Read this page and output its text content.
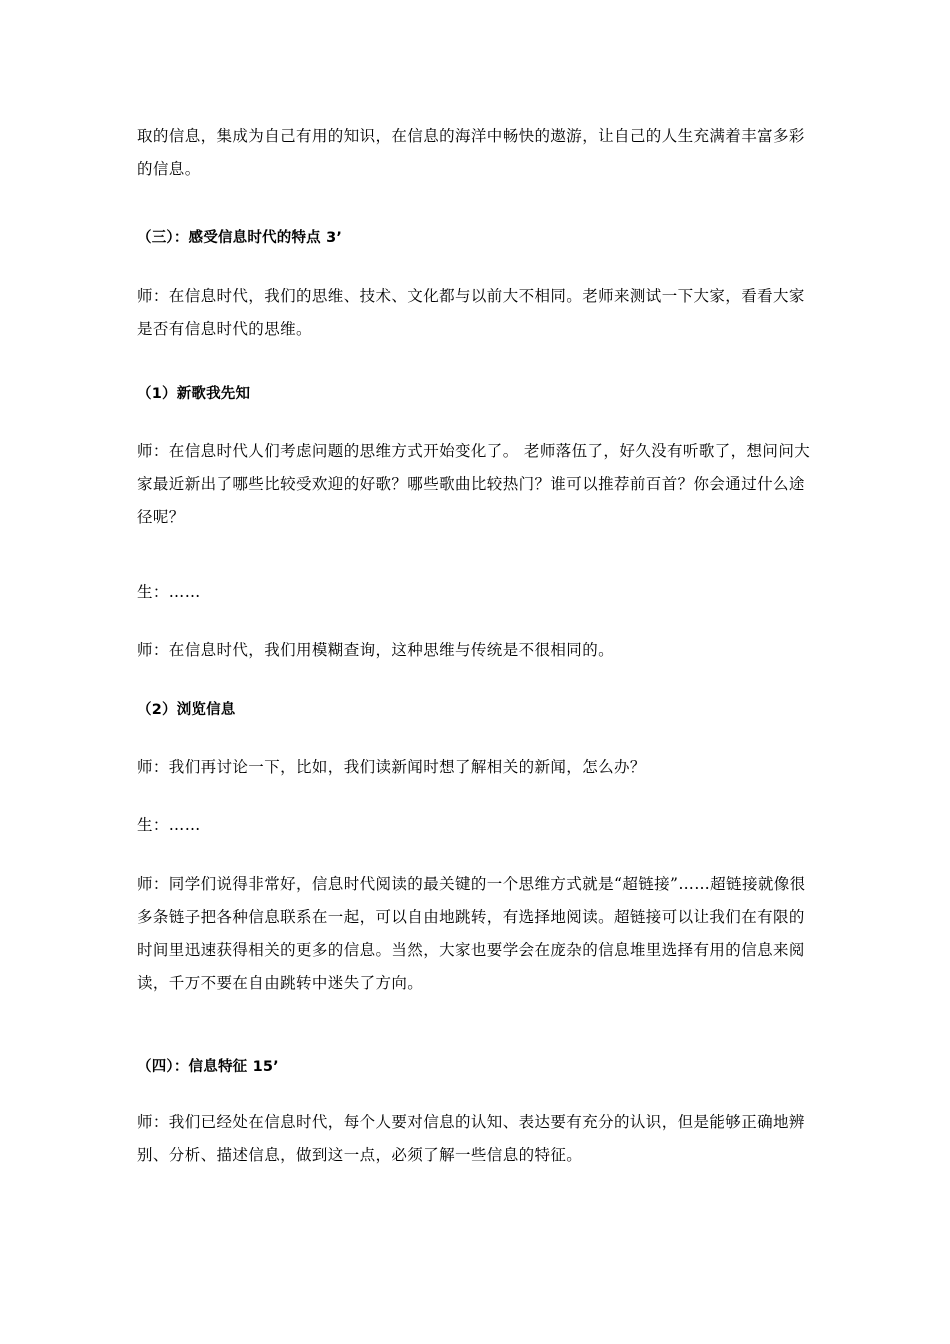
取的信息，集成为自己有用的知识，在信息的海洋中畅快的遨游，让自己的人生充满着丰富多彩的信息。

（三）：感受信息时代的特点 3’

师：在信息时代，我们的思维、技术、文化都与以前大不相同。老师来测试一下大家，看看大家是否有信息时代的思维。

（1）新歌我先知

师：在信息时代人们考虑问题的思维方式开始变化了。 老师落伍了，好久没有听歌了，想问问大家最近新出了哪些比较受欢迎的好歌？哪些歌曲比较热门？谁可以推荐前百首？你会通过什么途径呢？

生：……

师：在信息时代，我们用模糊查询，这种思维与传统是不很相同的。

（2）浏览信息

师：我们再讨论一下，比如，我们读新闻时想了解相关的新闻，怎么办？

生：……

师：同学们说得非常好，信息时代阅读的最关键的一个思维方式就是“超链接”……超链接就像很多条链子把各种信息联系在一起，可以自由地跳转，有选择地阅读。超链接可以让我们在有限的时间里迅速获得相关的更多的信息。当然，大家也要学会在庞杂的信息堆里选择有用的信息来阅读，千万不要在自由跳转中迷失了方向。

（四）：信息特征 15’

师：我们已经处在信息时代，每个人要对信息的认知、表达要有充分的认识，但是能够正确地辨别、分析、描述信息，做到这一点，必须了解一些信息的特征。
